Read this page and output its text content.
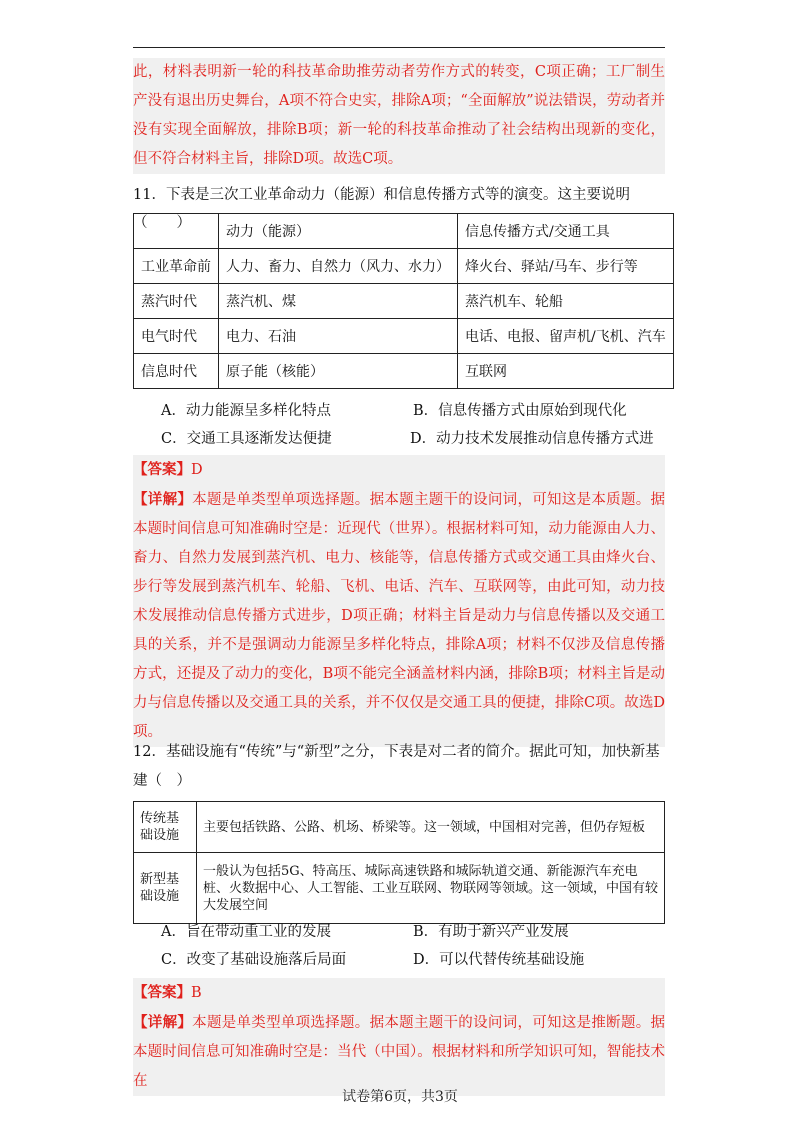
此，材料表明新一轮的科技革命助推劳动者劳作方式的转变，C项正确；工厂制生产没有退出历史舞台，A项不符合史实，排除A项；“全面解放”说法错误，劳动者并没有实现全面解放，排除B项；新一轮的科技革命推动了社会结构出现新的变化，但不符合材料主旨，排除D项。故选C项。

11．下表是三次工业革命动力（能源）和信息传播方式等的演变。这主要说明（　　）
	动力（能源）	信息传播方式/交通工具
工业革命前	人力、畜力、自然力（风力、水力）	烽火台、驿站/马车、步行等
蒸汽时代	蒸汽机、煤	蒸汽机车、轮船
电气时代	电力、石油	电话、电报、留声机/飞机、汽车
信息时代	原子能（核能）	互联网
A．动力能源呈多样化特点	B．信息传播方式由原始到现代化
C．交通工具逐渐发达便捷	D．动力技术发展推动信息传播方式进

【答案】D

【详解】本题是单类型单项选择题。据本题主题干的设问词，可知这是本质题。据本题时间信息可知准确时空是：近现代（世界）。根据材料可知，动力能源由人力、畜力、自然力发展到蒸汽机、电力、核能等，信息传播方式或交通工具由烽火台、步行等发展到蒸汽机车、轮船、飞机、电话、汽车、互联网等，由此可知，动力技术发展推动信息传播方式进步，D项正确；材料主旨是动力与信息传播以及交通工具的关系，并不是强调动力能源呈多样化特点，排除A项；材料不仅涉及信息传播方式，还提及了动力的变化，B项不能完全涵盖材料内涵，排除B项；材料主旨是动力与信息传播以及交通工具的关系，并不仅仅是交通工具的便捷，排除C项。故选D项。

12．基础设施有“传统”与“新型”之分，下表是对二者的简介。据此可知，加快新基建（　）
传统基础设施	主要包括铁路、公路、机场、桥梁等。这一领域，中国相对完善，但仍存短板
新型基础设施	一般认为包括5G、特高压、城际高速铁路和城际轨道交通、新能源汽车充电桩、火数据中心、人工智能、工业互联网、物联网等领域。这一领域，中国有较大发展空间
A．旨在带动重工业的发展	B．有助于新兴产业发展
C．改变了基础设施落后局面	D．可以代替传统基础设施

【答案】B

【详解】本题是单类型单项选择题。据本题主题干的设问词，可知这是推断题。据本题时间信息可知准确时空是：当代（中国）。根据材料和所学知识可知，智能技术在

试卷第6页，共3页
